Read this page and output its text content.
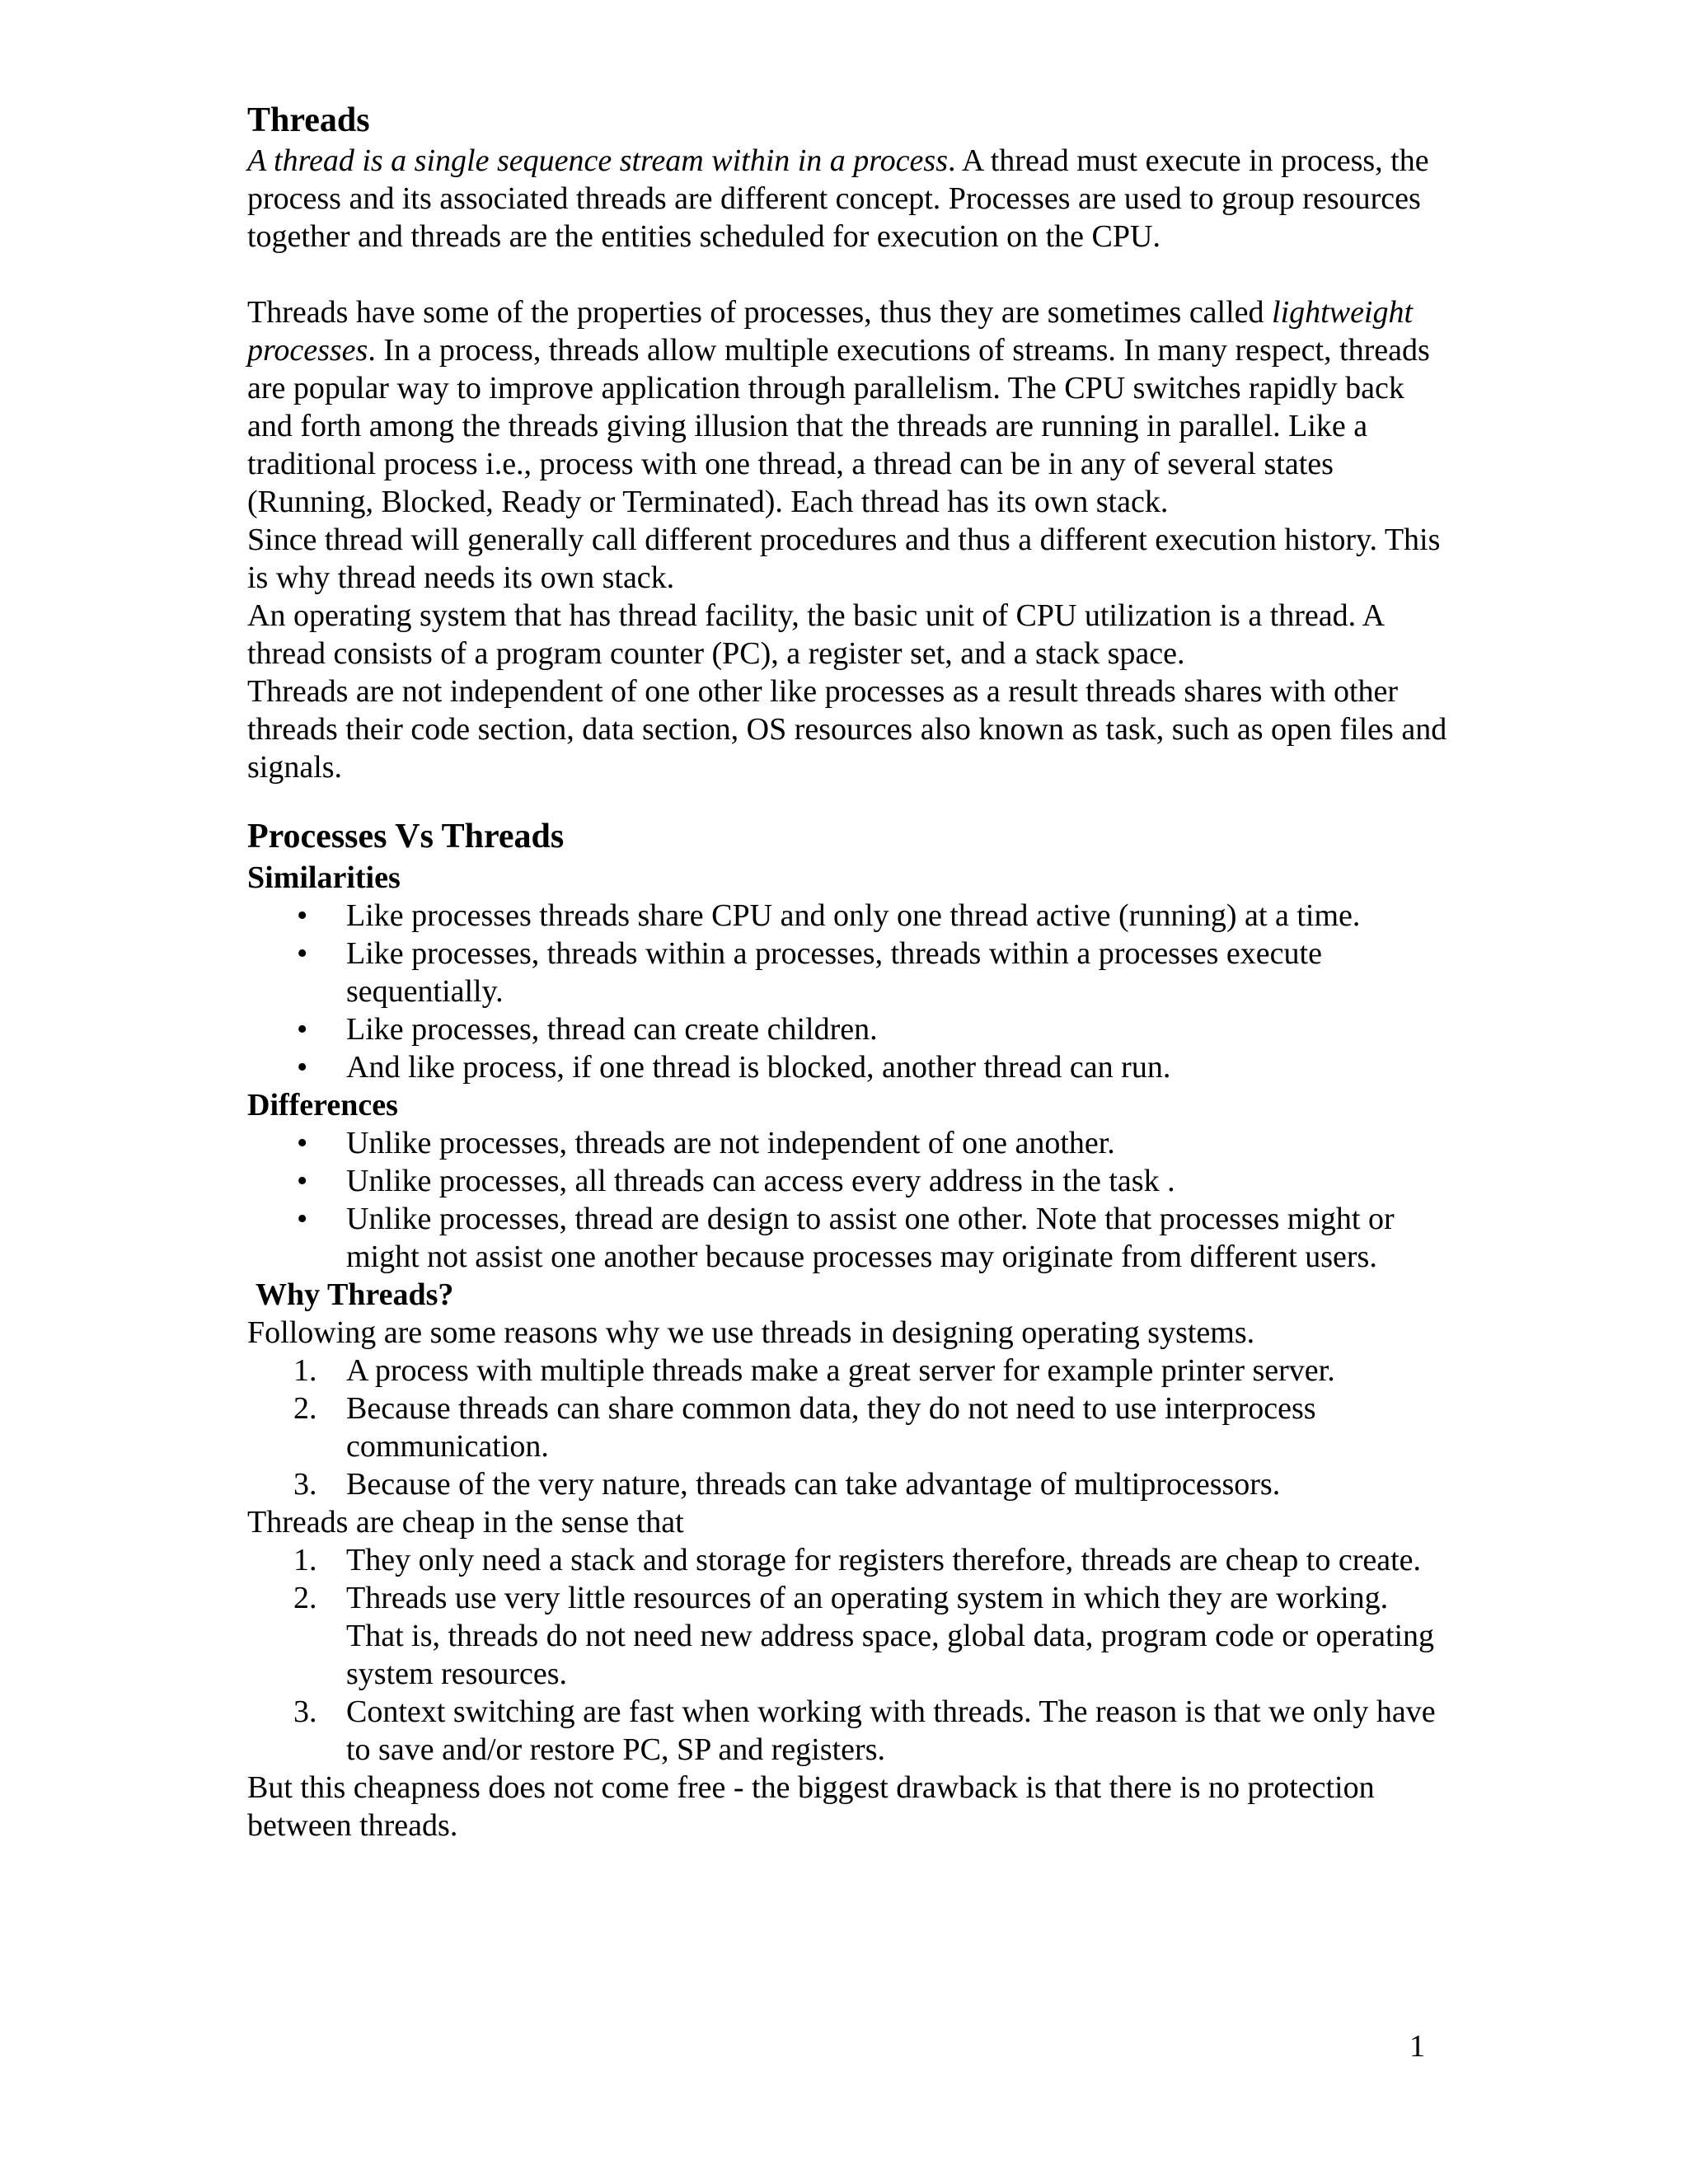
Threads

A thread is a single sequence stream within in a process. A thread must execute in process, the process and its associated threads are different concept. Processes are used to group resources together and threads are the entities scheduled for execution on the CPU.

Threads have some of the properties of processes, thus they are sometimes called lightweight processes. In a process, threads allow multiple executions of streams. In many respect, threads are popular way to improve application through parallelism. The CPU switches rapidly back and forth among the threads giving illusion that the threads are running in parallel. Like a traditional process i.e., process with one thread, a thread can be in any of several states (Running, Blocked, Ready or Terminated). Each thread has its own stack.

Since thread will generally call different procedures and thus a different execution history. This is why thread needs its own stack.

An operating system that has thread facility, the basic unit of CPU utilization is a thread. A thread consists of a program counter (PC), a register set, and a stack space.

Threads are not independent of one other like processes as a result threads shares with other threads their code section, data section, OS resources also known as task, such as open files and signals.

Processes Vs Threads
Similarities
• Like processes threads share CPU and only one thread active (running) at a time.
• Like processes, threads within a processes, threads within a processes execute sequentially.
• Like processes, thread can create children.
• And like process, if one thread is blocked, another thread can run.
Differences
• Unlike processes, threads are not independent of one another.
• Unlike processes, all threads can access every address in the task .
• Unlike processes, thread are design to assist one other. Note that processes might or might not assist one another because processes may originate from different users.
Why Threads?

Following are some reasons why we use threads in designing operating systems.

1. A process with multiple threads make a great server for example printer server.
2. Because threads can share common data, they do not need to use interprocess communication.
3. Because of the very nature, threads can take advantage of multiprocessors.

Threads are cheap in the sense that

1. They only need a stack and storage for registers therefore, threads are cheap to create.
2. Threads use very little resources of an operating system in which they are working. That is, threads do not need new address space, global data, program code or operating system resources.
3. Context switching are fast when working with threads. The reason is that we only have to save and/or restore PC, SP and registers.

But this cheapness does not come free - the biggest drawback is that there is no protection between threads.

1
